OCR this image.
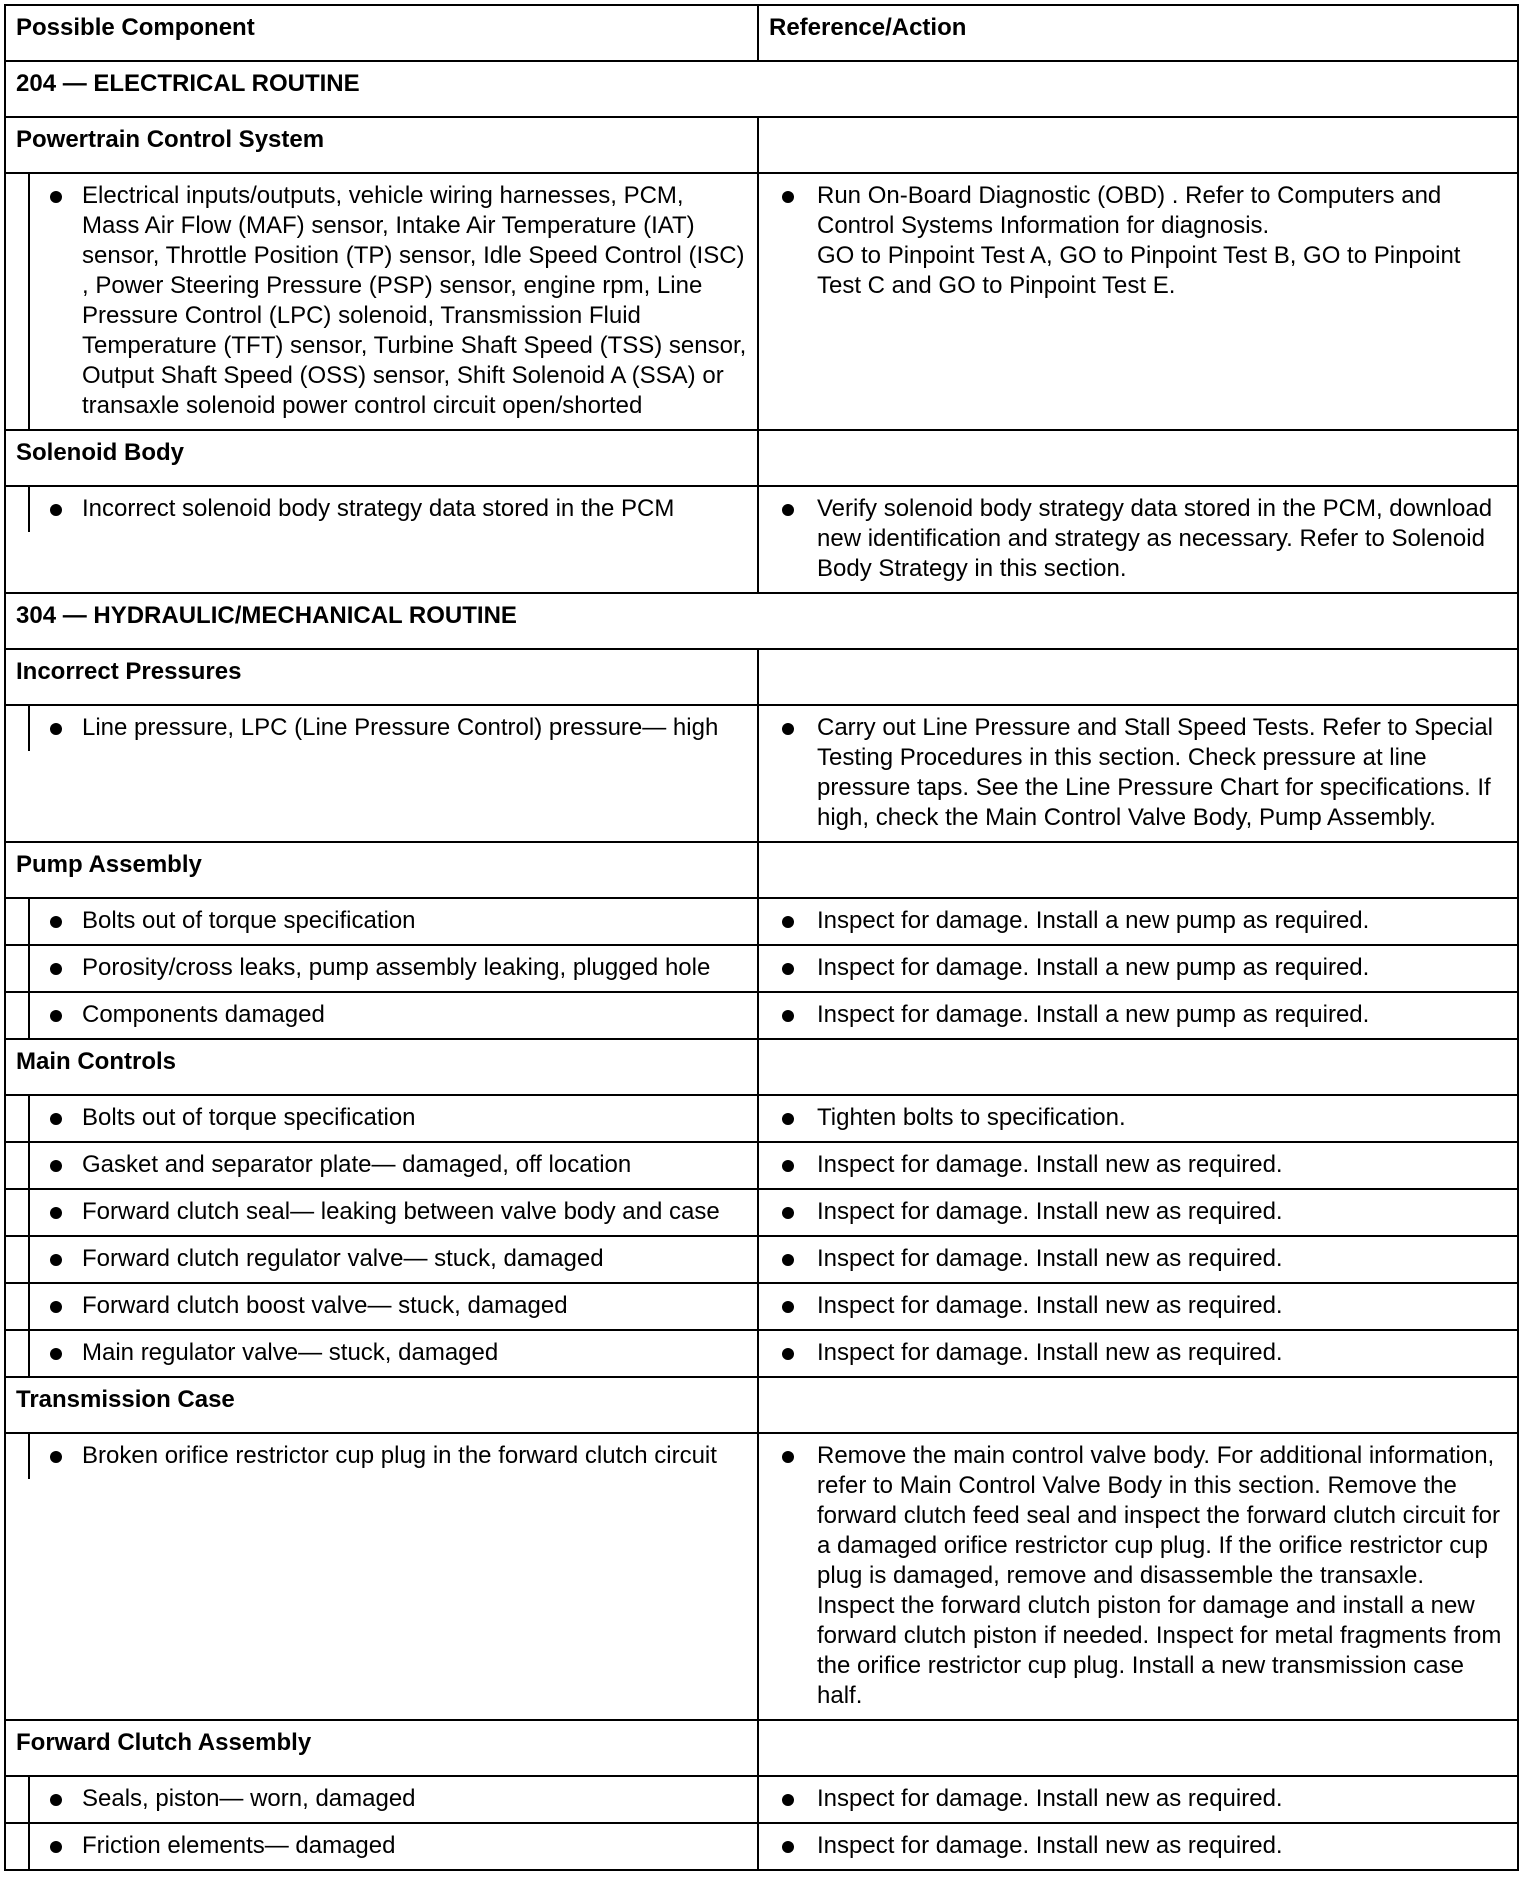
Possible Component	Reference/Action
204 — ELECTRICAL ROUTINE	
Powertrain Control System	

Electrical inputs/outputs, vehicle wiring harnesses, PCM, Mass Air Flow (MAF) sensor, Intake Air Temperature (IAT) sensor, Throttle Position (TP) sensor, Idle Speed Control (ISC) , Power Steering Pressure (PSP) sensor, engine rpm, Line Pressure Control (LPC) solenoid, Transmission Fluid Temperature (TFT) sensor, Turbine Shaft Speed (TSS) sensor, Output Shaft Speed (OSS) sensor, Shift Solenoid A (SSA) or transaxle solenoid power control circuit open/shorted	Run On-Board Diagnostic (OBD) . Refer to Computers and Control Systems Information for diagnosis.
GO to Pinpoint Test A, GO to Pinpoint Test B, GO to Pinpoint Test C and GO to Pinpoint Test E.

Solenoid Body	

Incorrect solenoid body strategy data stored in the PCM	Verify solenoid body strategy data stored in the PCM, download new identification and strategy as necessary. Refer to Solenoid Body Strategy in this section.

304 — HYDRAULIC/MECHANICAL ROUTINE	
Incorrect Pressures	

Line pressure, LPC (Line Pressure Control) pressure— high	Carry out Line Pressure and Stall Speed Tests. Refer to Special Testing Procedures in this section. Check pressure at line pressure taps. See the Line Pressure Chart for specifications. If high, check the Main Control Valve Body, Pump Assembly.

Pump Assembly	

Bolts out of torque specification	Inspect for damage. Install a new pump as required.

Porosity/cross leaks, pump assembly leaking, plugged hole	Inspect for damage. Install a new pump as required.

Components damaged	Inspect for damage. Install a new pump as required.

Main Controls	

Bolts out of torque specification	Tighten bolts to specification.

Gasket and separator plate— damaged, off location	Inspect for damage. Install new as required.

Forward clutch seal— leaking between valve body and case	Inspect for damage. Install new as required.

Forward clutch regulator valve— stuck, damaged	Inspect for damage. Install new as required.

Forward clutch boost valve— stuck, damaged	Inspect for damage. Install new as required.

Main regulator valve— stuck, damaged	Inspect for damage. Install new as required.

Transmission Case	

Broken orifice restrictor cup plug in the forward clutch circuit	Remove the main control valve body. For additional information, refer to Main Control Valve Body in this section. Remove the forward clutch feed seal and inspect the forward clutch circuit for a damaged orifice restrictor cup plug. If the orifice restrictor cup plug is damaged, remove and disassemble the transaxle. Inspect the forward clutch piston for damage and install a new forward clutch piston if needed. Inspect for metal fragments from the orifice restrictor cup plug. Install a new transmission case half.

Forward Clutch Assembly	

Seals, piston— worn, damaged	Inspect for damage. Install new as required.

Friction elements— damaged	Inspect for damage. Install new as required.
